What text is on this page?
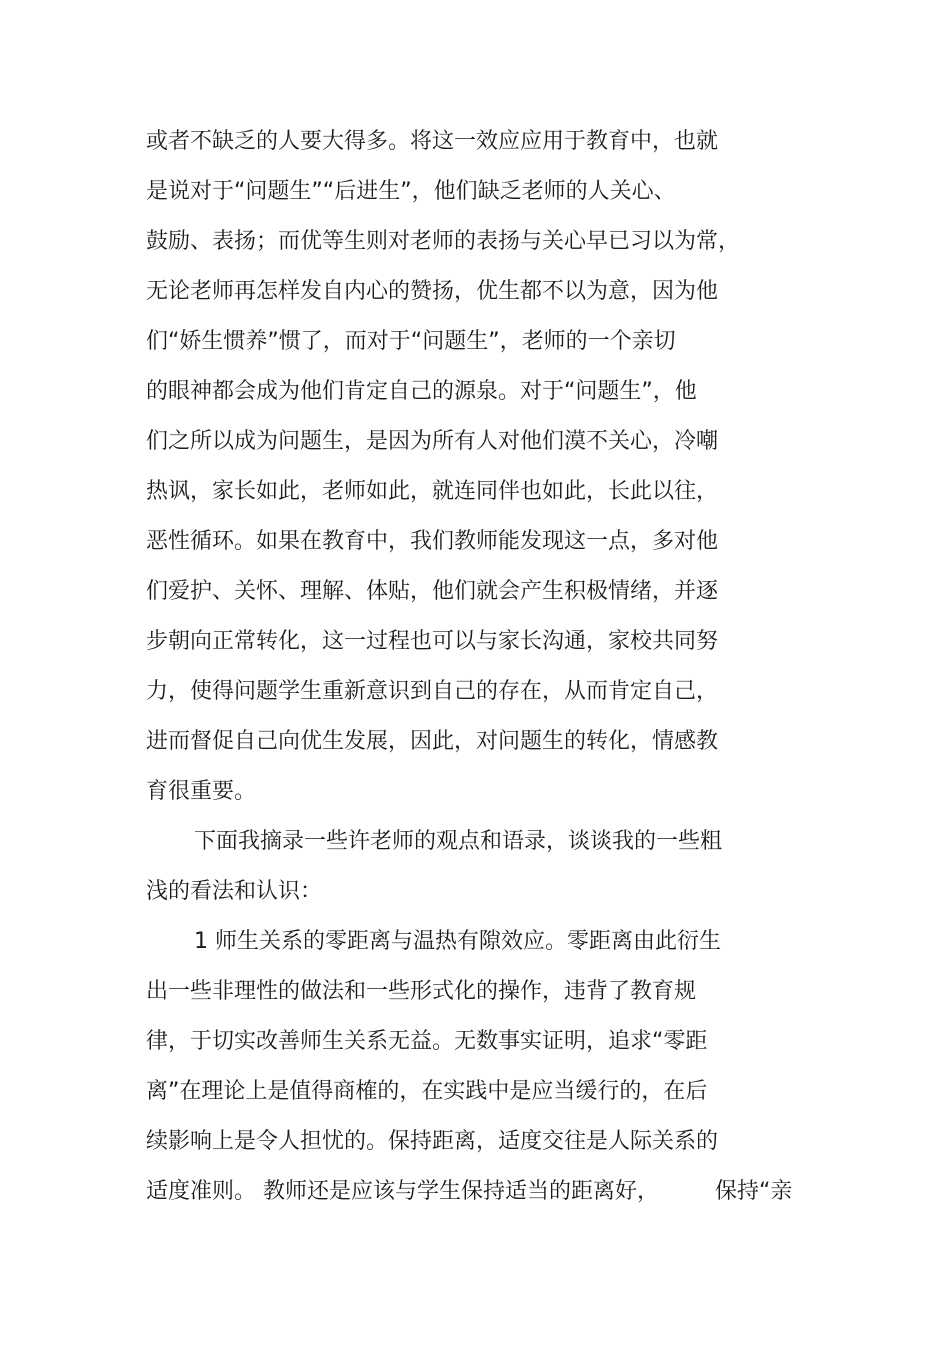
或者不缺乏的人要大得多。将这一效应应用于教育中，也就
是说对于“问题生”“后进生”，他们缺乏老师的人关心、
鼓励、表扬；而优等生则对老师的表扬与关心早已习以为常，
无论老师再怎样发自内心的赞扬，优生都不以为意，因为他
们“娇生惯养”惯了，而对于“问题生”，老师的一个亲切
的眼神都会成为他们肯定自己的源泉。对于“问题生”，他
们之所以成为问题生，是因为所有人对他们漠不关心，冷嘲
热讽，家长如此，老师如此，就连同伴也如此，长此以往，
恶性循环。如果在教育中，我们教师能发现这一点，多对他
们爱护、关怀、理解、体贴，他们就会产生积极情绪，并逐
步朝向正常转化，这一过程也可以与家长沟通，家校共同努
力，使得问题学生重新意识到自己的存在，从而肯定自己，
进而督促自己向优生发展，因此，对问题生的转化，情感教
育很重要。
下面我摘录一些许老师的观点和语录，谈谈我的一些粗
浅的看法和认识：
1 师生关系的零距离与温热有隙效应。零距离由此衍生
出一些非理性的做法和一些形式化的操作，违背了教育规
律，于切实改善师生关系无益。无数事实证明，追求“零距
离”在理论上是值得商榷的，在实践中是应当缓行的，在后
续影响上是令人担忧的。保持距离，适度交往是人际关系的
适度准则。 教师还是应该与学生保持适当的距离好，        保持“亲
